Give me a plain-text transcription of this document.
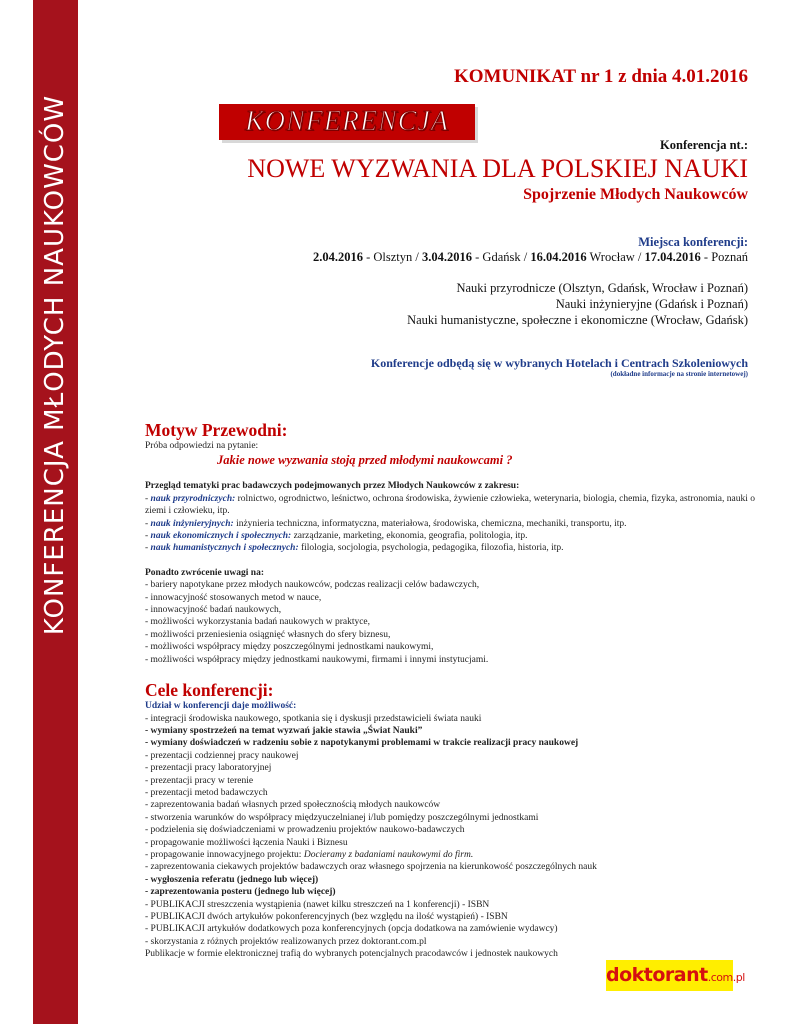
KONFERENCJA MŁODYCH NAUKOWCÓW
KOMUNIKAT nr 1 z dnia 4.01.2016
KONFERENCJA
Konferencja nt.:
NOWE WYZWANIA DLA POLSKIEJ NAUKI
Spojrzenie Młodych Naukowców
Miejsca konferencji:
2.04.2016 - Olsztyn / 3.04.2016 - Gdańsk / 16.04.2016 Wrocław / 17.04.2016 - Poznań
Nauki przyrodnicze (Olsztyn, Gdańsk, Wrocław i Poznań)
Nauki inżynieryjne (Gdańsk i Poznań)
Nauki humanistyczne, społeczne i ekonomiczne (Wrocław, Gdańsk)
Konferencje odbędą się w wybranych Hotelach i Centrach Szkoleniowych
(dokładne informacje na stronie internetowej)
Motyw Przewodni:
Próba odpowiedzi na pytanie:
Jakie nowe wyzwania stoją przed młodymi naukowcami ?
Przegląd tematyki prac badawczych podejmowanych przez Młodych Naukowców z zakresu:
- nauk przyrodniczych: rolnictwo, ogrodnictwo, leśnictwo, ochrona środowiska, żywienie człowieka, weterynaria, biologia, chemia, fizyka, astronomia, nauki o ziemi i człowieku, itp.
- nauk inżynieryjnych: inżynieria techniczna, informatyczna, materiałowa, środowiska, chemiczna, mechaniki, transportu, itp.
- nauk ekonomicznych i społecznych: zarządzanie, marketing, ekonomia, geografia, politologia, itp.
- nauk humanistycznych i społecznych: filologia, socjologia, psychologia, pedagogika, filozofia, historia, itp.
Ponadto zwrócenie uwagi na:
- bariery napotykane przez młodych naukowców, podczas realizacji celów badawczych,
- innowacyjność stosowanych metod w nauce,
- innowacyjność badań naukowych,
- możliwości wykorzystania badań naukowych w praktyce,
- możliwości przeniesienia osiągnięć własnych do sfery biznesu,
- możliwości współpracy między poszczególnymi jednostkami naukowymi,
- możliwości współpracy między jednostkami naukowymi, firmami i innymi instytucjami.
Cele konferencji:
Udział w konferencji daje możliwość:
- integracji środowiska naukowego, spotkania się i dyskusji przedstawicieli świata nauki
- wymiany spostrzeżeń na temat wyzwań jakie stawia „Świat Nauki”
- wymiany doświadczeń w radzeniu sobie z napotykanymi problemami w trakcie realizacji pracy naukowej
- prezentacji codziennej pracy naukowej
- prezentacji pracy laboratoryjnej
- prezentacji pracy w terenie
- prezentacji metod badawczych
- zaprezentowania badań własnych przed społecznością młodych naukowców
- stworzenia warunków do współpracy międzyuczelnianej i/lub pomiędzy poszczególnymi jednostkami
- podzielenia się doświadczeniami w prowadzeniu projektów naukowo-badawczych
- propagowanie możliwości łączenia Nauki i Biznesu
- propagowanie innowacyjnego projektu: Docieramy z badaniami naukowymi do firm.
- zaprezentowania ciekawych projektów badawczych oraz własnego spojrzenia na kierunkowość poszczególnych nauk
- wygłoszenia referatu (jednego lub więcej)
- zaprezentowania posteru (jednego lub więcej)
- PUBLIKACJI streszczenia wystąpienia (nawet kilku streszczeń na 1 konferencji) - ISBN
- PUBLIKACJI dwóch artykułów pokonferencyjnych (bez względu na ilość wystąpień) - ISBN
- PUBLIKACJI artykułów dodatkowych poza konferencyjnych (opcja dodatkowa na zamówienie wydawcy)
- skorzystania z różnych projektów realizowanych przez doktorant.com.pl
Publikacje w formie elektronicznej trafią do wybranych potencjalnych pracodawców i jednostek naukowych
doktorant.com.pl
